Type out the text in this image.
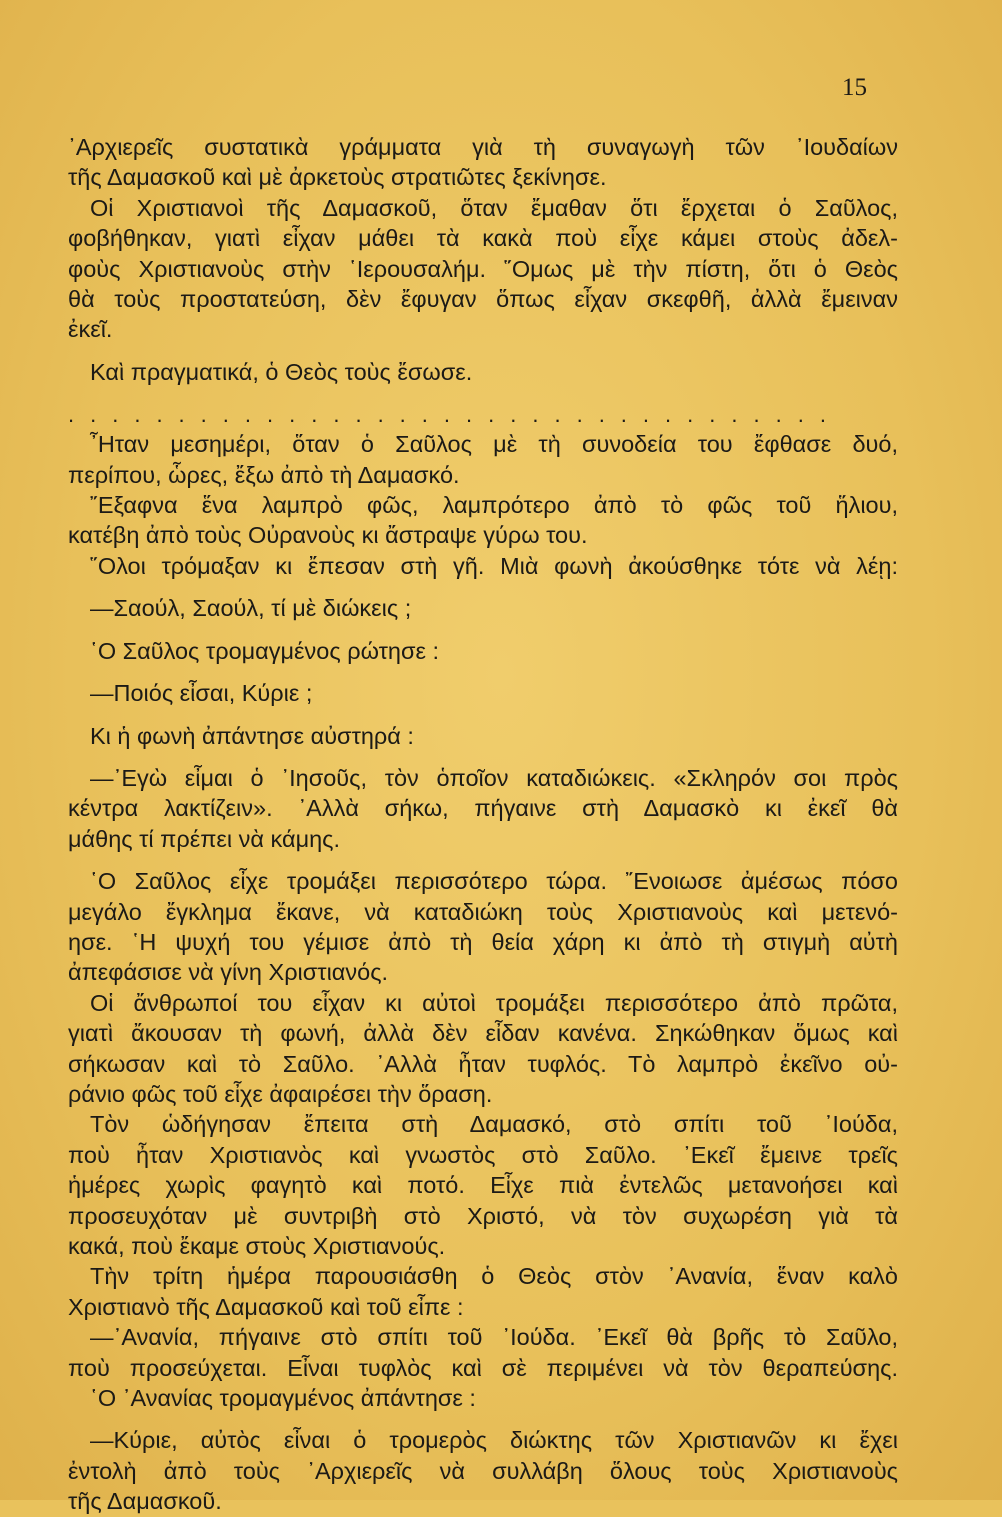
15
᾿Αρχιερεῖς συστατικὰ γράμματα γιὰ τὴ συναγωγὴ τῶν ᾿Ιουδαίων
τῆς Δαμασκοῦ καὶ μὲ ἀρκετοὺς στρατιῶτες ξεκίνησε.
Οἱ Χριστιανοὶ τῆς Δαμασκοῦ, ὅταν ἔμαθαν ὅτι ἔρχεται ὁ Σαῦλος,
φοβήθηκαν, γιατὶ εἶχαν μάθει τὰ κακὰ ποὺ εἶχε κάμει στοὺς ἀδελ-
φοὺς Χριστιανοὺς στὴν ῾Ιερουσαλήμ. ῞Ομως μὲ τὴν πίστη, ὅτι ὁ Θεὸς
θὰ τοὺς προστατεύση, δὲν ἔφυγαν ὅπως εἶχαν σκεφθῆ, ἀλλὰ ἔμειναν
ἐκεῖ.
Καὶ πραγματικά, ὁ Θεὸς τοὺς ἔσωσε.
...................................
῏Ηταν μεσημέρι, ὅταν ὁ Σαῦλος μὲ τὴ συνοδεία του ἔφθασε δυό,
περίπου, ὧρες, ἔξω ἀπὸ τὴ Δαμασκό.
῎Εξαφνα ἕνα λαμπρὸ φῶς, λαμπρότερο ἀπὸ τὸ φῶς τοῦ ἥλιου,
κατέβη ἀπὸ τοὺς Οὐρανοὺς κι ἄστραψε γύρω του.
῞Ολοι τρόμαξαν κι ἔπεσαν στὴ γῆ. Μιὰ φωνὴ ἀκούσθηκε τότε νὰ λέῃ:
—Σαούλ, Σαούλ, τί μὲ διώκεις ;
῾Ο Σαῦλος τρομαγμένος ρώτησε :
—Ποιός εἶσαι, Κύριε ;
Κι ἡ φωνὴ ἀπάντησε αὐστηρά :
—᾿Εγὼ εἶμαι ὁ ᾿Ιησοῦς, τὸν ὁποῖον καταδιώκεις. «Σκληρόν σοι πρὸς
κέντρα λακτίζειν». ᾿Αλλὰ σήκω, πήγαινε στὴ Δαμασκὸ κι ἐκεῖ θὰ
μάθης τί πρέπει νὰ κάμης.
῾Ο Σαῦλος εἶχε τρομάξει περισσότερο τώρα. ῎Ενοιωσε ἀμέσως πόσο
μεγάλο ἔγκλημα ἔκανε, νὰ καταδιώκη τοὺς Χριστιανοὺς καὶ μετενό-
ησε. ῾Η ψυχή του γέμισε ἀπὸ τὴ θεία χάρη κι ἀπὸ τὴ στιγμὴ αὐτὴ
ἀπεφάσισε νὰ γίνη Χριστιανός.
Οἱ ἄνθρωποί του εἶχαν κι αὐτοὶ τρομάξει περισσότερο ἀπὸ πρῶτα,
γιατὶ ἄκουσαν τὴ φωνή, ἀλλὰ δὲν εἶδαν κανένα. Σηκώθηκαν ὅμως καὶ
σήκωσαν καὶ τὸ Σαῦλο. ᾿Αλλὰ ἦταν τυφλός. Τὸ λαμπρὸ ἐκεῖνο οὐ-
ράνιο φῶς τοῦ εἶχε ἀφαιρέσει τὴν ὅραση.
Τὸν ὡδήγησαν ἔπειτα στὴ Δαμασκό, στὸ σπίτι τοῦ ᾿Ιούδα,
ποὺ ἦταν Χριστιανὸς καὶ γνωστὸς στὸ Σαῦλο. ᾿Εκεῖ ἔμεινε τρεῖς
ἡμέρες χωρὶς φαγητὸ καὶ ποτό. Εἶχε πιὰ ἐντελῶς μετανοήσει καὶ
προσευχόταν μὲ συντριβὴ στὸ Χριστό, νὰ τὸν συχωρέση γιὰ τὰ
κακά, ποὺ ἔκαμε στοὺς Χριστιανούς.
Τὴν τρίτη ἡμέρα παρουσιάσθη ὁ Θεὸς στὸν ᾿Ανανία, ἕναν καλὸ
Χριστιανὸ τῆς Δαμασκοῦ καὶ τοῦ εἶπε :
—᾿Ανανία, πήγαινε στὸ σπίτι τοῦ ᾿Ιούδα. ᾿Εκεῖ θὰ βρῆς τὸ Σαῦλο,
ποὺ προσεύχεται. Εἶναι τυφλὸς καὶ σὲ περιμένει νὰ τὸν θεραπεύσης.
῾Ο ᾿Ανανίας τρομαγμένος ἀπάντησε :
—Κύριε, αὐτὸς εἶναι ὁ τρομερὸς διώκτης τῶν Χριστιανῶν κι ἔχει
ἐντολὴ ἀπὸ τοὺς ᾿Αρχιερεῖς νὰ συλλάβη ὅλους τοὺς Χριστιανοὺς
τῆς Δαμασκοῦ.
